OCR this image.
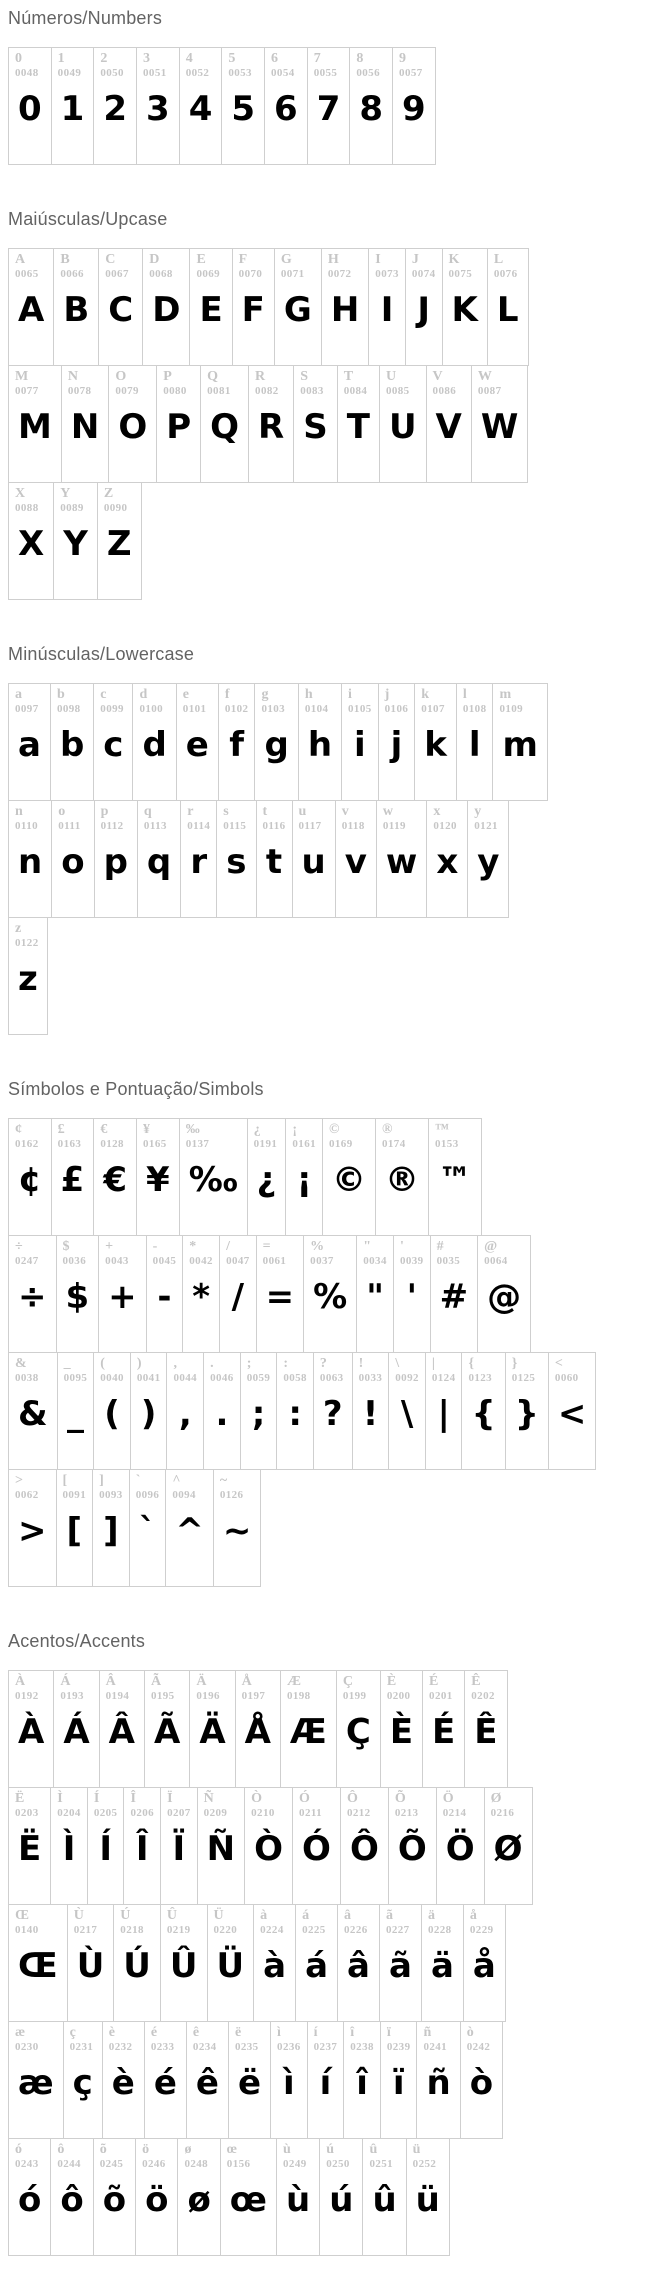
Números/Numbers
0
0048
0

1
0049
1

2
0050
2

3
0051
3

4
0052
4

5
0053
5

6
0054
6

7
0055
7

8
0056
8

9
0057
9
Maiúsculas/Upcase
A
0065
A

B
0066
B

C
0067
C

D
0068
D

E
0069
E

F
0070
F

G
0071
G

H
0072
H

I
0073
I

J
0074
J

K
0075
K

L
0076
L
M
0077
M

N
0078
N

O
0079
O

P
0080
P

Q
0081
Q

R
0082
R

S
0083
S

T
0084
T

U
0085
U

V
0086
V

W
0087
W
X
0088
X

Y
0089
Y

Z
0090
Z
Minúsculas/Lowercase
a
0097
a

b
0098
b

c
0099
c

d
0100
d

e
0101
e

f
0102
f

g
0103
g

h
0104
h

i
0105
i

j
0106
j

k
0107
k

l
0108
l

m
0109
m
n
0110
n

o
0111
o

p
0112
p

q
0113
q

r
0114
r

s
0115
s

t
0116
t

u
0117
u

v
0118
v

w
0119
w

x
0120
x

y
0121
y
z
0122
z
Símbolos e Pontuação/Simbols
¢
0162
¢

£
0163
£

€
0128
€

¥
0165
¥

‰
0137
‰

¿
0191
¿

¡
0161
¡

©
0169
©

®
0174
®

™
0153
™
÷
0247
÷

$
0036
$

+
0043
+

-
0045
-

*
0042
*

/
0047
/

=
0061
=

%
0037
%

"
0034
"

'
0039
'

#
0035
#

@
0064
@
&
0038
&

_
0095
_

(
0040
(

)
0041
)

,
0044
,

.
0046
.

;
0059
;

:
0058
:

?
0063
?

!
0033
!

\
0092
\

|
0124
|

{
0123
{

}
0125
}

<
0060
<
>
0062
>

[
0091
[

]
0093
]

`
0096
`

^
0094
^

~
0126
~
Acentos/Accents
À
0192
À

Á
0193
Á

Â
0194
Â

Ã
0195
Ã

Ä
0196
Ä

Å
0197
Å

Æ
0198
Æ

Ç
0199
Ç

È
0200
È

É
0201
É

Ê
0202
Ê
Ë
0203
Ë

Ì
0204
Ì

Í
0205
Í

Î
0206
Î

Ï
0207
Ï

Ñ
0209
Ñ

Ò
0210
Ò

Ó
0211
Ó

Ô
0212
Ô

Õ
0213
Õ

Ö
0214
Ö

Ø
0216
Ø
Œ
0140
Œ

Ù
0217
Ù

Ú
0218
Ú

Û
0219
Û

Ü
0220
Ü

à
0224
à

á
0225
á

â
0226
â

ã
0227
ã

ä
0228
ä

å
0229
å
æ
0230
æ

ç
0231
ç

è
0232
è

é
0233
é

ê
0234
ê

ë
0235
ë

ì
0236
ì

í
0237
í

î
0238
î

ï
0239
ï

ñ
0241
ñ

ò
0242
ò
ó
0243
ó

ô
0244
ô

õ
0245
õ

ö
0246
ö

ø
0248
ø

œ
0156
œ

ù
0249
ù

ú
0250
ú

û
0251
û

ü
0252
ü
